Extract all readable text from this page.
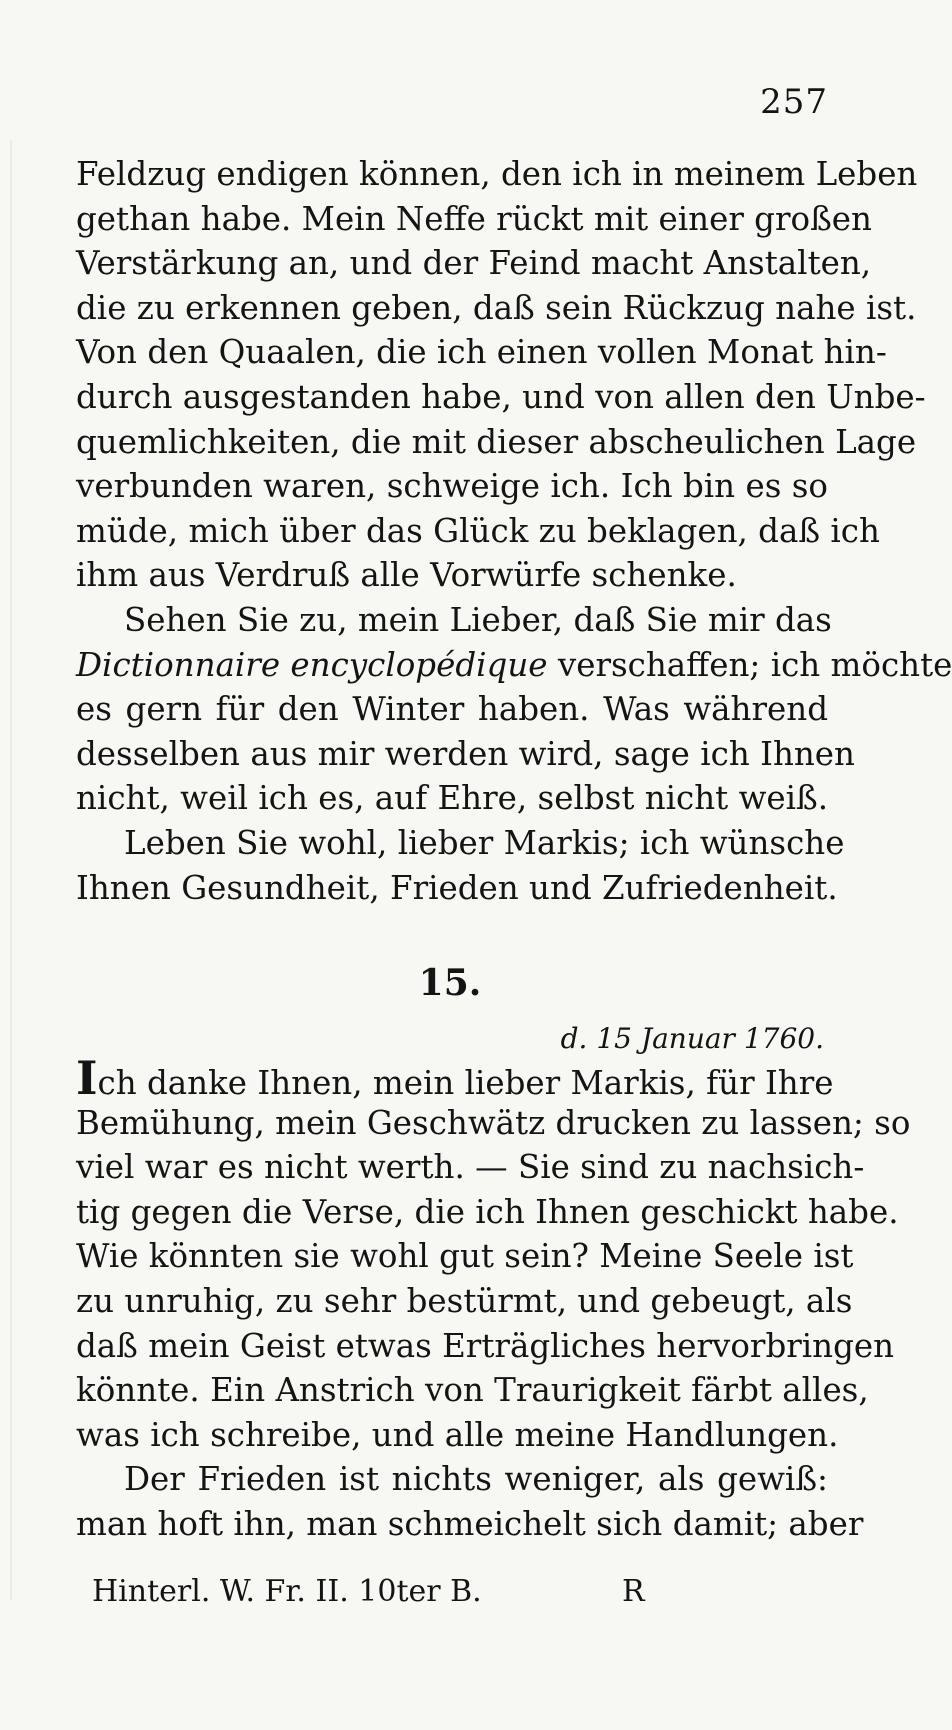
257
Feldzug endigen können, den ich in meinem Leben
gethan habe. Mein Neffe rückt mit einer großen
Verstärkung an, und der Feind macht Anstalten,
die zu erkennen geben, daß sein Rückzug nahe ist.
Von den Quaalen, die ich einen vollen Monat hin-
durch ausgestanden habe, und von allen den Unbe-
quemlichkeiten, die mit dieser abscheulichen Lage
verbunden waren, schweige ich. Ich bin es so
müde, mich über das Glück zu beklagen, daß ich
ihm aus Verdruß alle Vorwürfe schenke.
Sehen Sie zu, mein Lieber, daß Sie mir das
Dictionnaire encyclopédique verschaffen; ich möchte
es gern für den Winter haben. Was während
desselben aus mir werden wird, sage ich Ihnen
nicht, weil ich es, auf Ehre, selbst nicht weiß.
Leben Sie wohl, lieber Markis; ich wünsche
Ihnen Gesundheit, Frieden und Zufriedenheit.
15.
d. 15 Januar 1760.
Ich danke Ihnen, mein lieber Markis, für Ihre
Bemühung, mein Geschwätz drucken zu lassen; so
viel war es nicht werth. — Sie sind zu nachsich-
tig gegen die Verse, die ich Ihnen geschickt habe.
Wie könnten sie wohl gut sein? Meine Seele ist
zu unruhig, zu sehr bestürmt, und gebeugt, als
daß mein Geist etwas Erträgliches hervorbringen
könnte. Ein Anstrich von Traurigkeit färbt alles,
was ich schreibe, und alle meine Handlungen.
Der Frieden ist nichts weniger, als gewiß:
man hoft ihn, man schmeichelt sich damit; aber
Hinterl. W. Fr. II. 10ter B.	R
